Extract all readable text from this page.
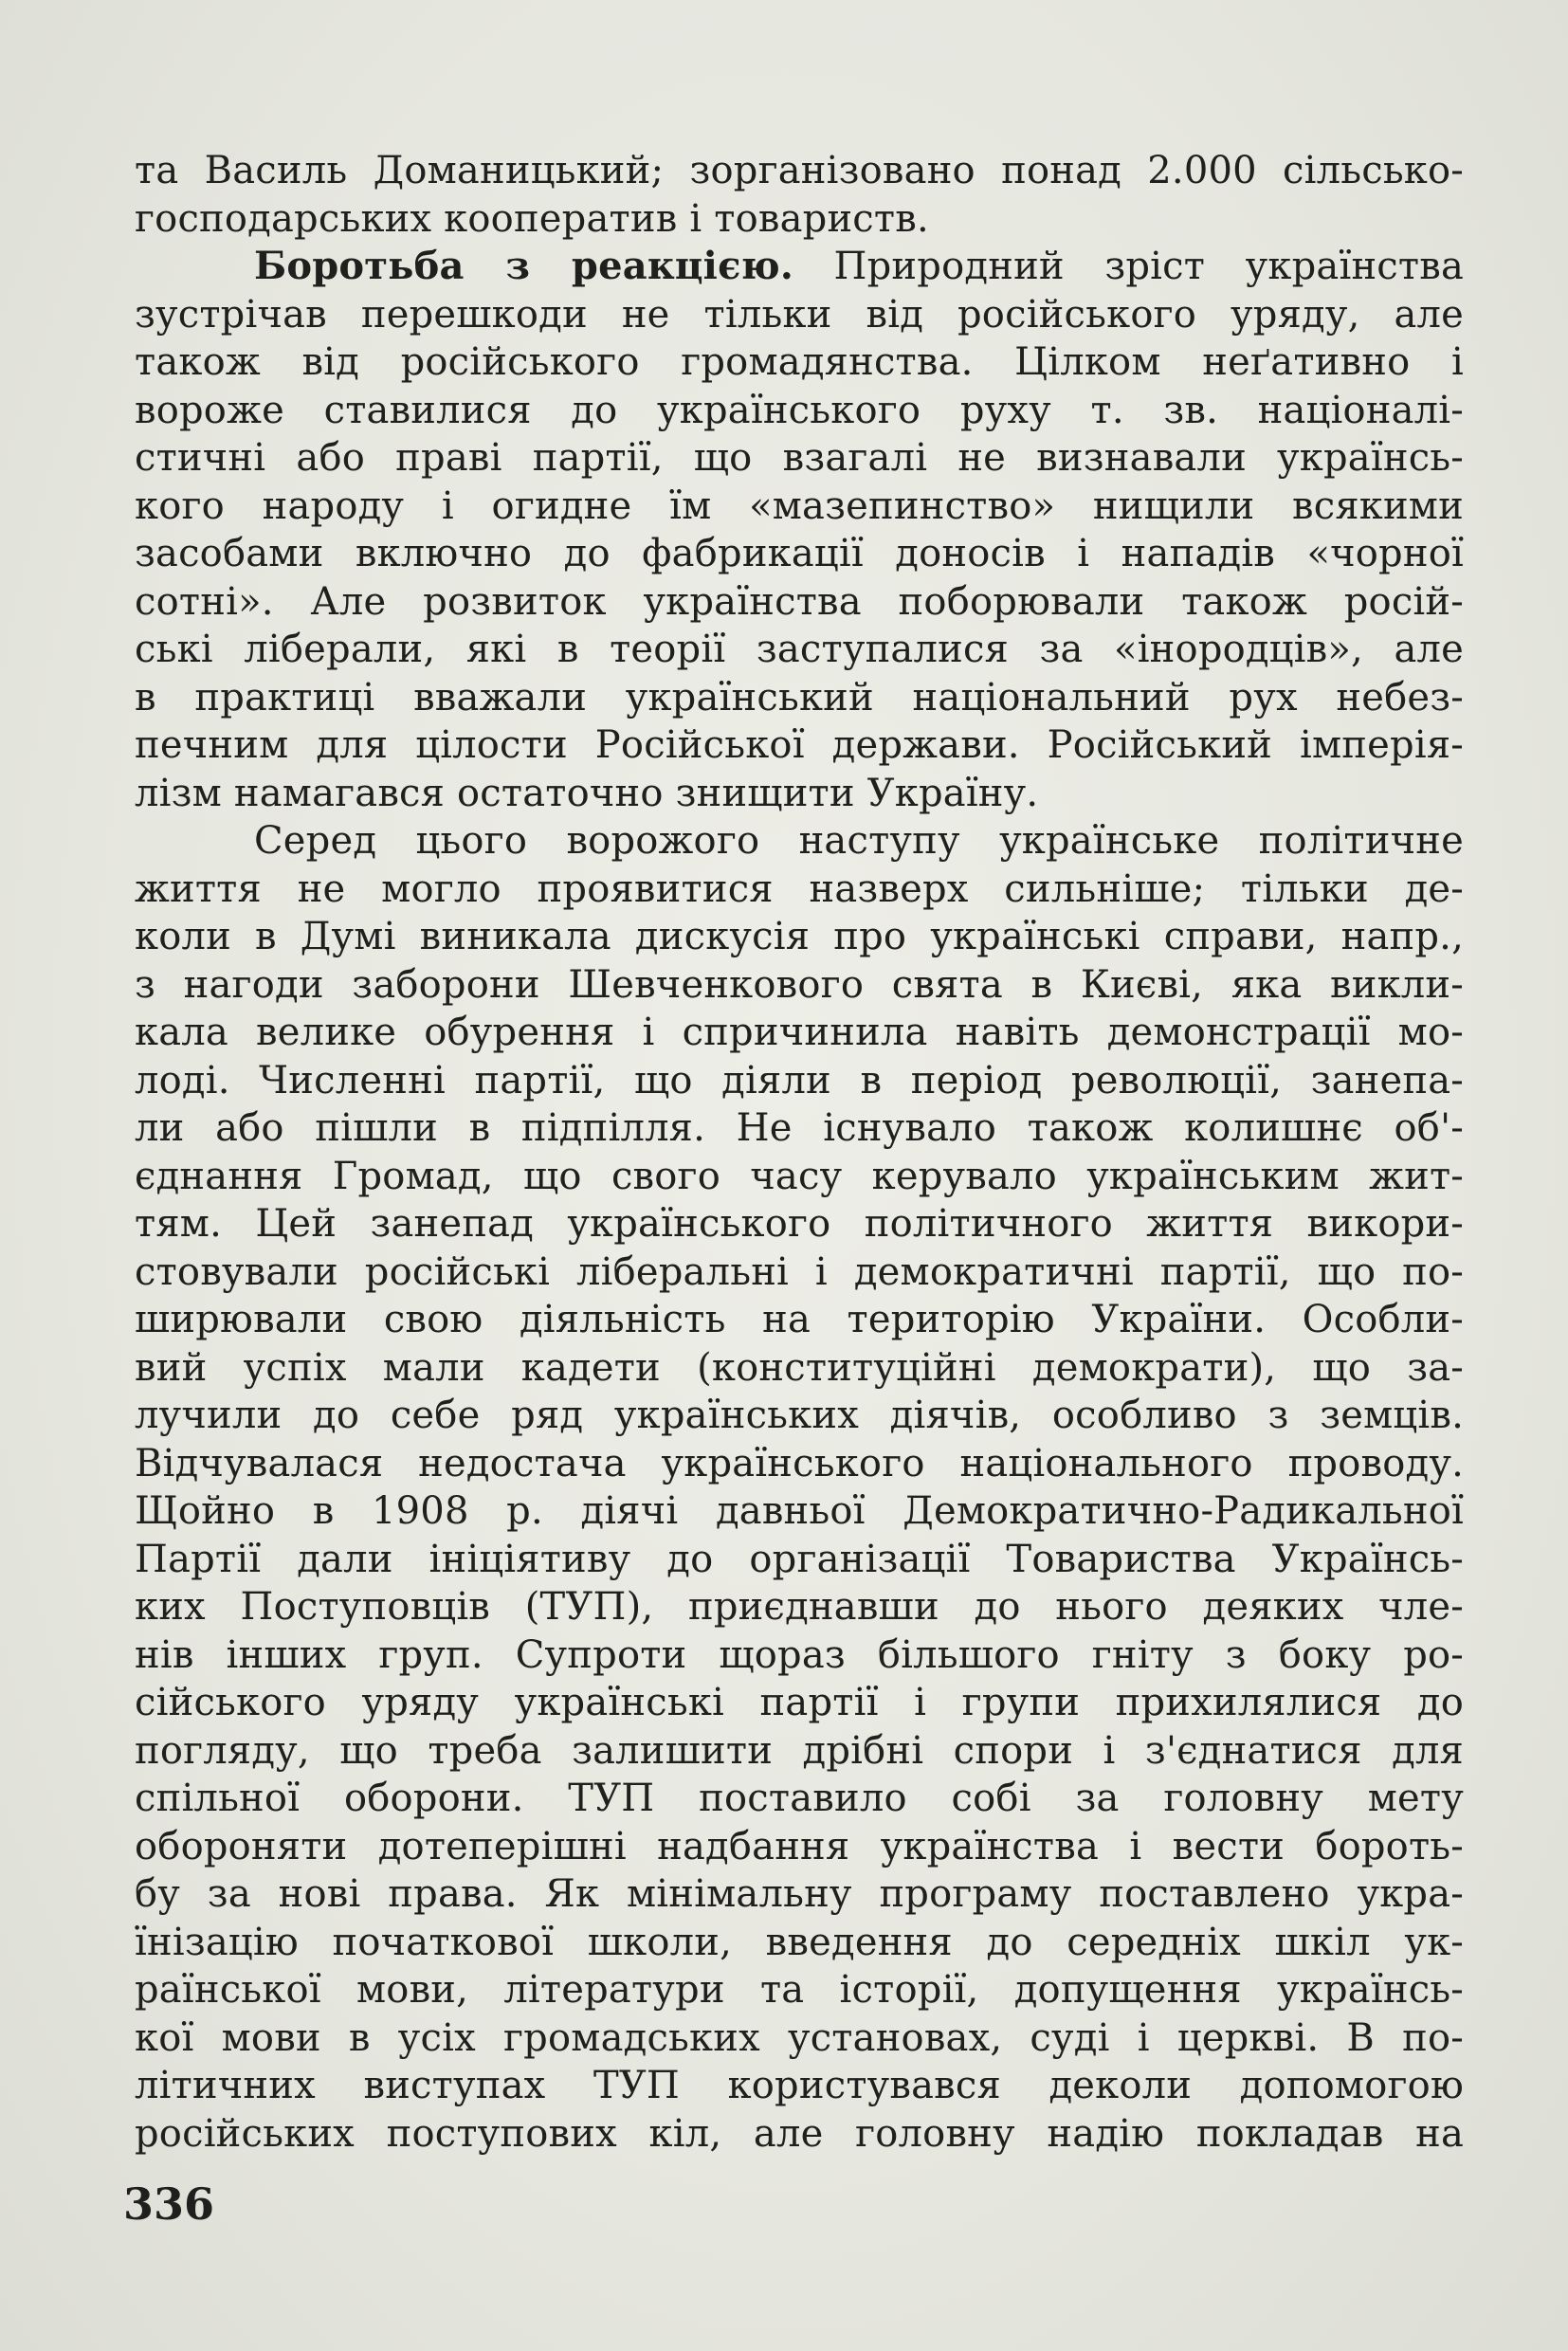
та Василь Доманицький; зорганізовано понад 2.000 сільсько-
господарських кооператив і товариств.
Боротьба з реакцією. Природний зріст українства
зустрічав перешкоди не тільки від російського уряду, але
також від російського громадянства. Цілком неґативно і
вороже ставилися до українського руху т. зв. націоналі-
стичні або праві партії, що взагалі не визнавали українсь-
кого народу і огидне їм «мазепинство» нищили всякими
засобами включно до фабрикації доносів і нападів «чорної
сотні». Але розвиток українства поборювали також росій-
ські ліберали, які в теорії заступалися за «інородців», але
в практиці вважали український національний рух небез-
печним для цілости Російської держави. Російський імперія-
лізм намагався остаточно знищити Україну.
Серед цього ворожого наступу українське політичне
життя не могло проявитися назверх сильніше; тільки де-
коли в Думі виникала дискусія про українські справи, напр.,
з нагоди заборони Шевченкового свята в Києві, яка викли-
кала велике обурення і спричинила навіть демонстрації мо-
лоді. Численні партії, що діяли в період революції, занепа-
ли або пішли в підпілля. Не існувало також колишнє об'-
єднання Громад, що свого часу керувало українським жит-
тям. Цей занепад українського політичного життя викори-
стовували російські ліберальні і демократичні партії, що по-
ширювали свою діяльність на територію України. Особли-
вий успіх мали кадети (конституційні демократи), що за-
лучили до себе ряд українських діячів, особливо з земців.
Відчувалася недостача українського національного проводу.
Щойно в 1908 р. діячі давньої Демократично-Радикальної
Партії дали ініціятиву до організації Товариства Українсь-
ких Поступовців (ТУП), приєднавши до нього деяких чле-
нів інших груп. Супроти щораз більшого гніту з боку ро-
сійського уряду українські партії і групи прихилялися до
погляду, що треба залишити дрібні спори і з'єднатися для
спільної оборони. ТУП поставило собі за головну мету
обороняти дотеперішні надбання українства і вести бороть-
бу за нові права. Як мінімальну програму поставлено укра-
їнізацію початкової школи, введення до середніх шкіл ук-
раїнської мови, літератури та історії, допущення українсь-
кої мови в усіх громадських установах, суді і церкві. В по-
літичних виступах ТУП користувався деколи допомогою
російських поступових кіл, але головну надію покладав на
336
